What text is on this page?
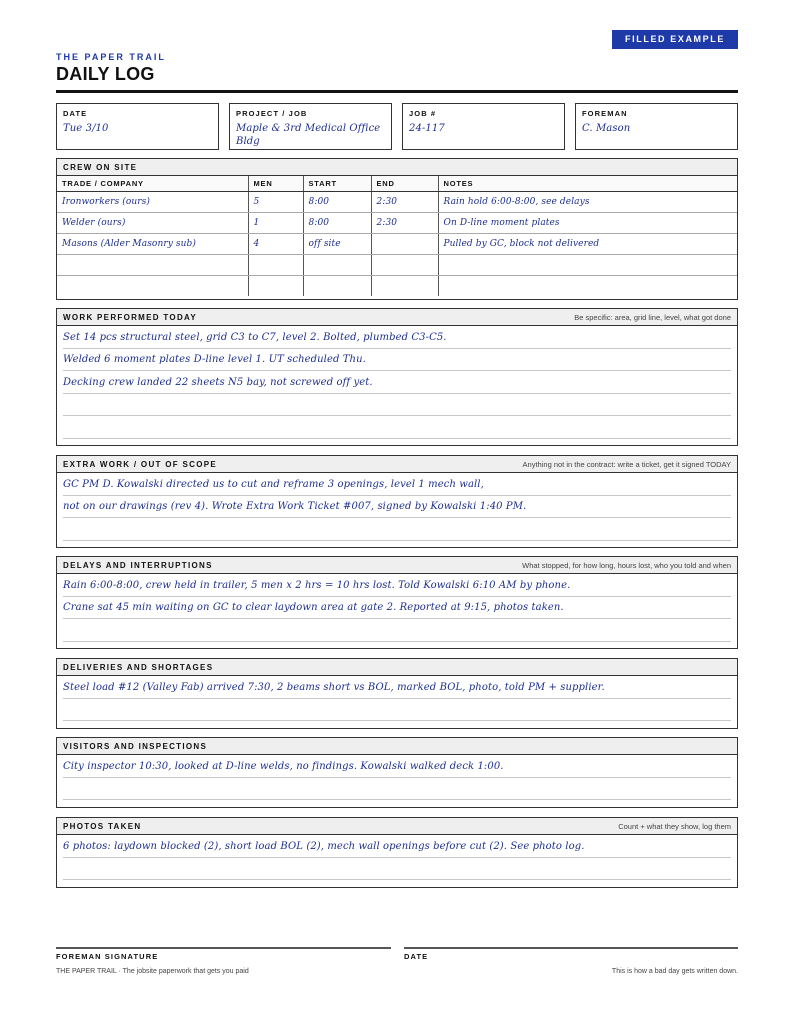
FILLED EXAMPLE
THE PAPER TRAIL
DAILY LOG
DATE
Tue 3/10
PROJECT / JOB
Maple & 3rd Medical Office Bldg
JOB #
24-117
FOREMAN
C. Mason
CREW ON SITE
TRADE / COMPANY	MEN	START	END	NOTES
Ironworkers (ours)	5	8:00	2:30	Rain hold 6:00-8:00, see delays
Welder (ours)	1	8:00	2:30	On D-line moment plates
Masons (Alder Masonry sub)	4	off site		Pulled by GC, block not delivered

WORK PERFORMED TODAY	Be specific: area, grid line, level, what got done
Set 14 pcs structural steel, grid C3 to C7, level 2. Bolted, plumbed C3-C5.
Welded 6 moment plates D-line level 1. UT scheduled Thu.
Decking crew landed 22 sheets N5 bay, not screwed off yet.
EXTRA WORK / OUT OF SCOPE	Anything not in the contract: write a ticket, get it signed TODAY
GC PM D. Kowalski directed us to cut and reframe 3 openings, level 1 mech wall,
not on our drawings (rev 4). Wrote Extra Work Ticket #007, signed by Kowalski 1:40 PM.
DELAYS AND INTERRUPTIONS	What stopped, for how long, hours lost, who you told and when
Rain 6:00-8:00, crew held in trailer, 5 men x 2 hrs = 10 hrs lost. Told Kowalski 6:10 AM by phone.
Crane sat 45 min waiting on GC to clear laydown area at gate 2. Reported at 9:15, photos taken.
DELIVERIES AND SHORTAGES
Steel load #12 (Valley Fab) arrived 7:30, 2 beams short vs BOL, marked BOL, photo, told PM + supplier.
VISITORS AND INSPECTIONS
City inspector 10:30, looked at D-line welds, no findings. Kowalski walked deck 1:00.
PHOTOS TAKEN	Count + what they show, log them
6 photos: laydown blocked (2), short load BOL (2), mech wall openings before cut (2). See photo log.
FOREMAN SIGNATURE	DATE
THE PAPER TRAIL · The jobsite paperwork that gets you paid	This is how a bad day gets written down.
